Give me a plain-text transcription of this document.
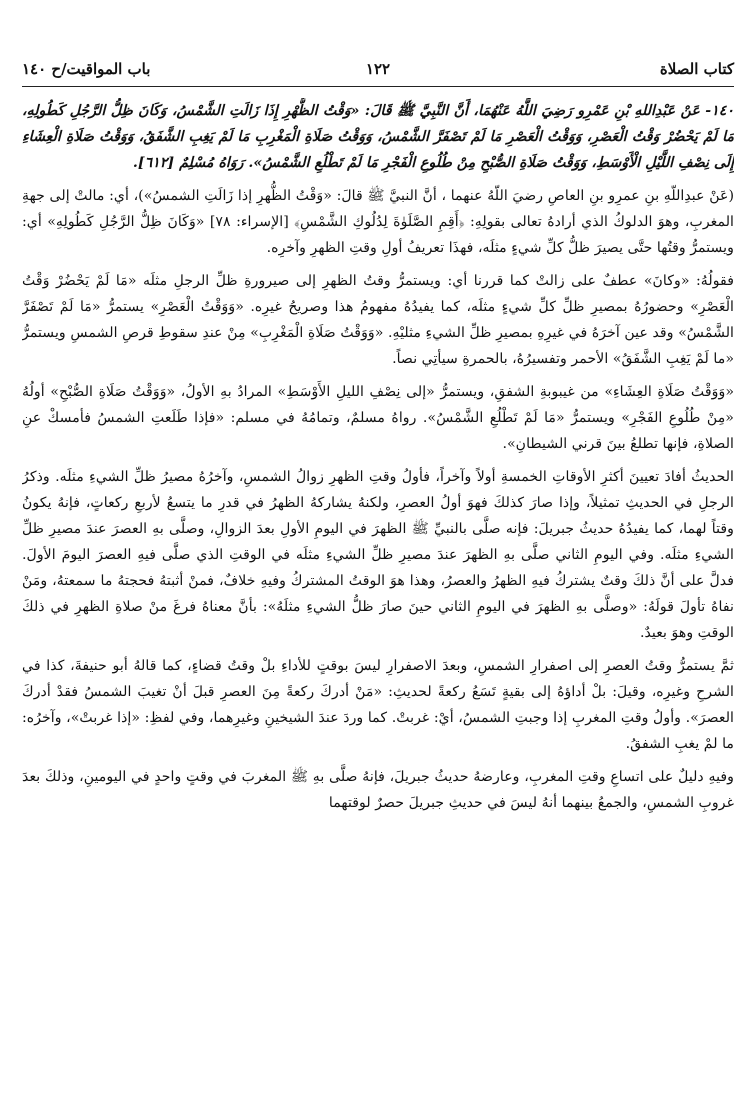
كتاب الصلاة
١٢٢
باب المواقيت/ح ١٤٠

١٤٠- عَنْ عَبْدِاللهِ بْنِ عَمْرِو رَضِيَ اللَّهُ عَنْهُمَا، أَنَّ النَّبِيَّ ﷺ قَالَ: «وَقْتُ الظُّهْرِ إِذَا زَالَتِ الشَّمْسُ، وَكَانَ ظِلُّ الرَّجُلِ كَطُولِهِ، مَا لَمْ يَحْضُرْ وَقْتُ الْعَصْرِ، وَوَقْتُ الْعَصْرِ مَا لَمْ تَصْفَرَّ الشَّمْسُ، وَوَقْتُ صَلَاةِ الْمَغْرِبِ مَا لَمْ يَغِبِ الشَّفَقُ، وَوَقْتُ صَلَاةِ الْعِشَاءِ إِلَى نِصْفِ اللَّيْلِ الْأَوْسَطِ، وَوَقْتُ صَلَاةِ الصُّبْحِ مِنْ طُلُوعِ الْفَجْرِ مَا لَمْ تَطْلُعِ الشَّمْسُ». رَوَاهُ مُسْلِمٌ [٦١٢].

(عَنْ عبدِاللّهِ بنِ عمرِو بنِ العاصِ رضيَ اللّهُ عنهما ، أنَّ النبيَّ ﷺ قالَ: «وَقْتُ الظُّهرِ إذا زَالَتِ الشمسُ»)، أي: مالتْ إلى جهةِ المغربِ، وهوَ الدلوكُ الذي أرادهُ تعالى بقولِهِ: ﴿أَقِمِ الصَّلَوٰةَ لِدُلُوكِ الشَّمْسِ﴾ [الإسراء: ٧٨] «وَكَانَ ظِلُّ الرَّجُلِ كَطُولِهِ» أي: ويستمرُّ وقتُها حتَّى يصيرَ ظلُّ كلِّ شيءٍ مثلَه، فهذَا تعريفُ أولِ وقتِ الظهرِ وآخرِه.

فقولُهُ: «وكانَ» عطفٌ على زالتْ كما قررنا أي: ويستمرُّ وقتُ الظهرِ إلى صيرورةِ ظلِّ الرجلِ مثلَه «مَا لَمْ يَحْضُرْ وَقْتُ الْعَصْرِ» وحضورُهُ بمصيرِ ظلِّ كلِّ شيءٍ مثلَه، كما يفيدُهُ مفهومُ هذا وصريحُ غيرِه. «وَوَقْتُ الْعَصْرِ» يستمرُّ «مَا لَمْ تَصْفَرَّ الشَّمْسُ» وقد عين آخرَهُ في غيرِهِ بمصيرِ ظلِّ الشيءِ مثليْهِ. «وَوَقْتُ صَلَاةِ الْمَغْرِبِ» مِنْ عندِ سقوطِ قرصِ الشمسِ ويستمرُّ «ما لَمْ يَغِبِ الشَّفَقُ» الأحمر وتفسيرُهُ، بالحمرةِ سيأتِي نصاً.

«وَوَقْتُ صَلَاةِ العِشَاءِ» من غيبوبةِ الشفقِ، ويستمرُّ «إلى نِصْفِ الليلِ الأَوْسَطِ» المرادُ بهِ الأولُ، «وَوَقْتُ صَلَاةِ الصُّبْحِ» أولُهُ «مِنْ طُلُوعِ الفَجْرِ» ويستمرُّ «مَا لَمْ تَطْلُعِ الشَّمْسُ». رواهُ مسلمٌ، وتمامُهُ في مسلم: «فإذا طَلَعتِ الشمسُ فأمسكْ عنِ الصلاةِ، فإنها تطلعُ بينَ قرني الشيطانِ».

الحديثُ أفادَ تعيينَ أكثرِ الأوقاتِ الخمسةِ أولاً وآخراً، فأولُ وقتِ الظهرِ زوالُ الشمسِ، وآخرُهُ مصيرُ ظلِّ الشيءِ مثلَه. وذكرُ الرجلِ في الحديثِ تمثيلاً، وإذا صارَ كذلكَ فهوَ أولُ العصرِ، ولكنهُ يشاركهُ الظهرُ في قدرِ ما يتسعُ لأربعِ ركعاتٍ، فإنهُ يكونُ وقتاً لهما، كما يفيدُهُ حديثُ جبريلَ: فإنه صلَّى بالنبيِّ ﷺ الظهرَ في اليومِ الأولِ بعدَ الزوالِ، وصلَّى بهِ العصرَ عندَ مصيرِ ظلِّ الشيءِ مثلَه. وفي اليومِ الثاني صلَّى بهِ الظهرَ عندَ مصيرِ ظلِّ الشيءِ مثلَه في الوقتِ الذي صلَّى فيهِ العصرَ اليومَ الأولَ. فدلَّ على أنَّ ذلكَ وقتٌ يشتركُ فيهِ الظهرُ والعصرُ، وهذا هوَ الوقتُ المشتركُ وفيهِ خلافٌ، فمنْ أثبتهُ فحجتهُ ما سمعتهُ، ومَنْ نفاهُ تأولَ قولَهُ: «وصلَّى بهِ الظهرَ في اليومِ الثاني حينَ صارَ ظلُّ الشيءِ مثلَهُ»: بأنَّ معناهُ فرغَ منْ صلاةِ الظهرِ في ذلكَ الوقتِ وهوَ بعيدٌ.

ثمَّ يستمرُّ وقتُ العصرِ إلى اصفرارِ الشمسِ، وبعدَ الاصفرارِ ليسَ بوقتٍ للأداءِ بلْ وقتُ قضاءٍ، كما قالهُ أبو حنيفةَ، كذا في الشرحِ وغيرِه، وقيلَ: بلْ أداؤهُ إلى بقيةٍ تَسَعُ ركعةً لحديثِ: «مَنْ أدركَ ركعةً مِنَ العصرِ قبلَ أنْ تغيبَ الشمسُ فقدْ أدركَ العصرَ». وأولُ وقتِ المغربِ إذا وجبتِ الشمسُ، أيْ: غربتْ. كما وردَ عندَ الشيخينِ وغيرِهما، وفي لفظِ: «إذا غربتْ»، وآخرُه: ما لمْ يغبِ الشفقُ.

وفيهِ دليلٌ على اتساعِ وقتِ المغربِ، وعارضهُ حديثُ جبريلَ، فإنهُ صلَّى بهِ ﷺ المغربَ في وقتٍ واحدٍ في اليومينِ، وذلكَ بعدَ غروبِ الشمسِ، والجمعُ بينهما أنهُ ليسَ في حديثِ جبريلَ حصرٌ لوقتهما
